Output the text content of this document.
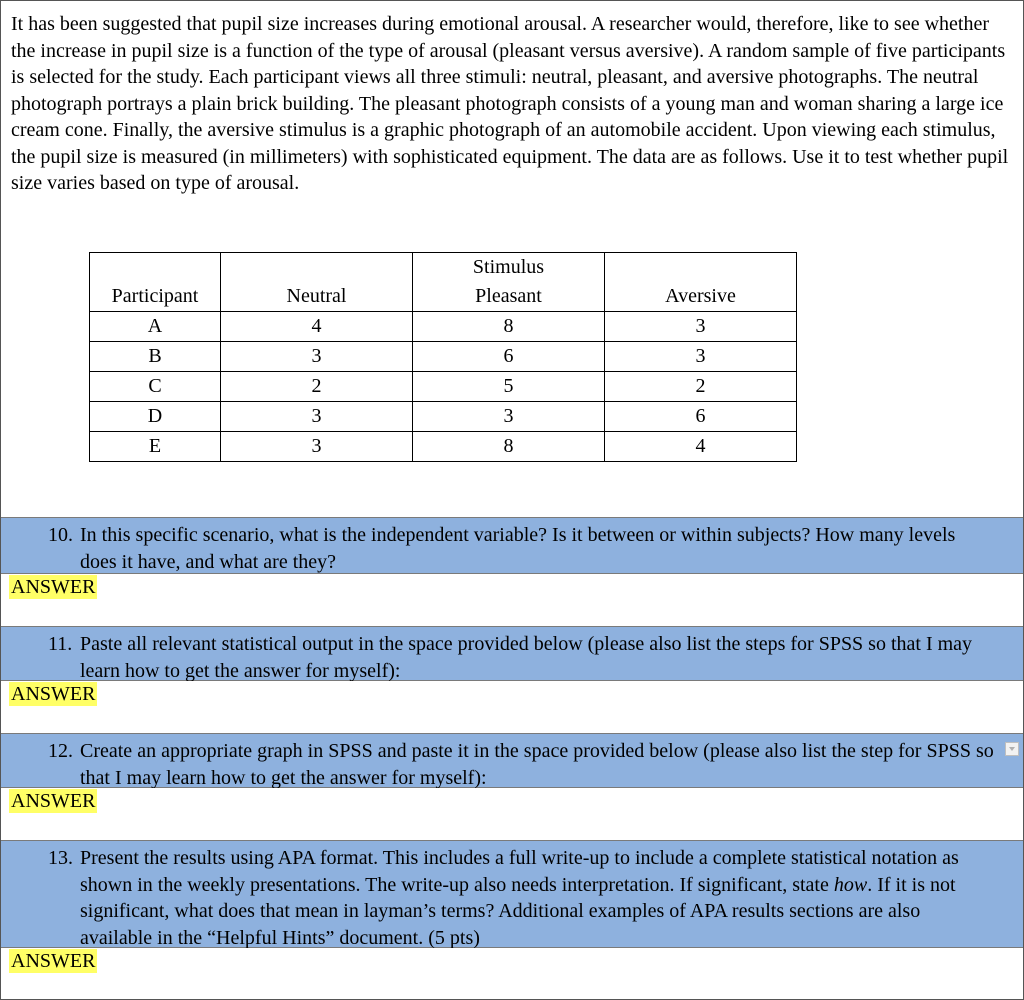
It has been suggested that pupil size increases during emotional arousal. A researcher would, therefore, like to see whether the increase in pupil size is a function of the type of arousal (pleasant versus aversive). A random sample of five participants is selected for the study. Each participant views all three stimuli: neutral, pleasant, and aversive photographs. The neutral photograph portrays a plain brick building. The pleasant photograph consists of a young man and woman sharing a large ice cream cone. Finally, the aversive stimulus is a graphic photograph of an automobile accident. Upon viewing each stimulus, the pupil size is measured (in millimeters) with sophisticated equipment. The data are as follows. Use it to test whether pupil size varies based on type of arousal.

		Stimulus	
Participant	Neutral	Pleasant	Aversive
A	4	8	3
B	3	6	3
C	2	5	2
D	3	3	6
E	3	8	4
10. In this specific scenario, what is the independent variable? Is it between or within subjects? How many levels does it have, and what are they?
ANSWER
11. Paste all relevant statistical output in the space provided below (please also list the steps for SPSS so that I may learn how to get the answer for myself):
ANSWER
12. Create an appropriate graph in SPSS and paste it in the space provided below (please also list the step for SPSS so that I may learn how to get the answer for myself):
ANSWER
13. Present the results using APA format. This includes a full write-up to include a complete statistical notation as shown in the weekly presentations. The write-up also needs interpretation. If significant, state how. If it is not significant, what does that mean in layman’s terms? Additional examples of APA results sections are also available in the “Helpful Hints” document. (5 pts)
ANSWER
